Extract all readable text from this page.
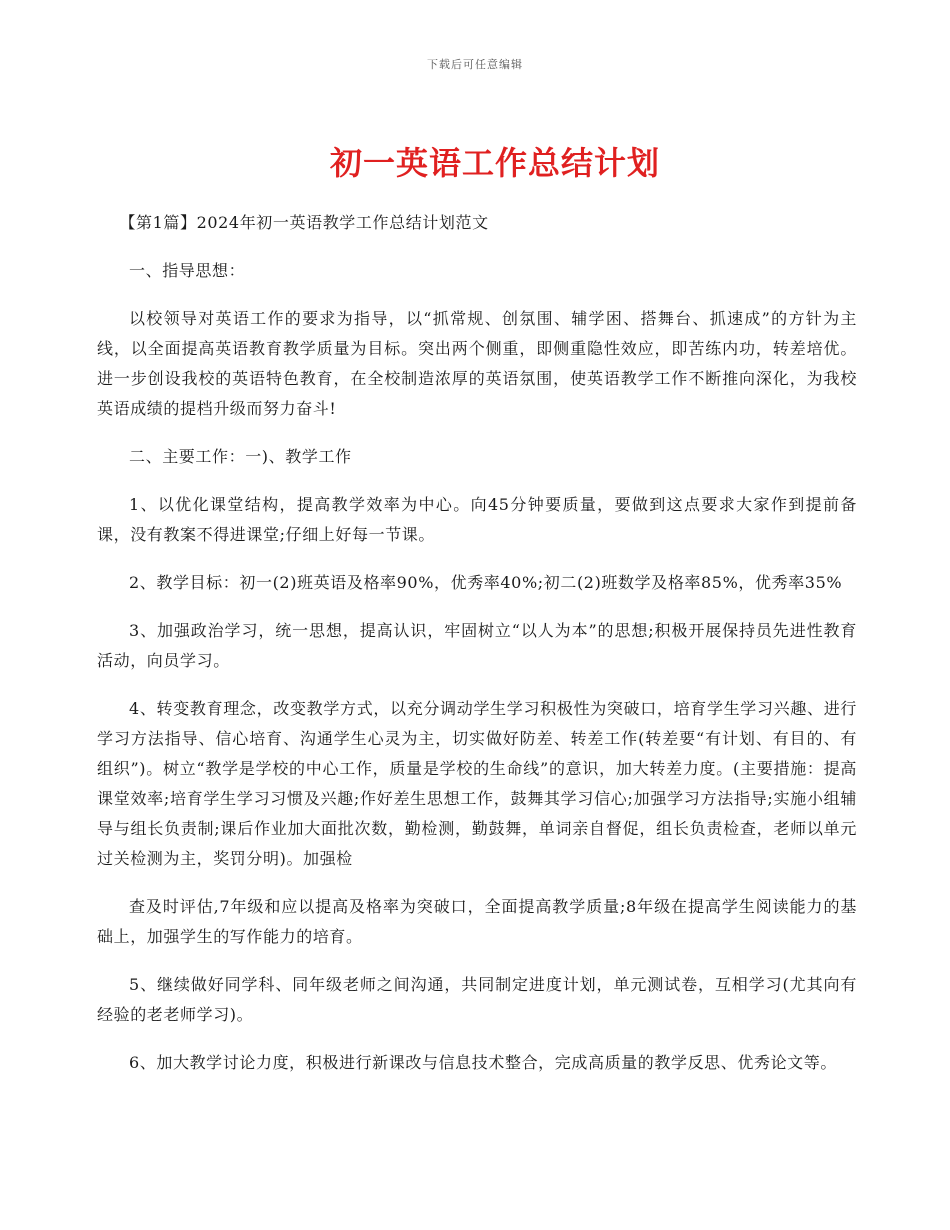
下载后可任意编辑
初一英语工作总结计划

【第1篇】2024年初一英语教学工作总结计划范文

一、指导思想：

以校领导对英语工作的要求为指导，以“抓常规、创氛围、辅学困、搭舞台、抓速成”的方针为主线，以全面提高英语教育教学质量为目标。突出两个侧重，即侧重隐性效应，即苦练内功，转差培优。进一步创设我校的英语特色教育，在全校制造浓厚的英语氛围，使英语教学工作不断推向深化，为我校英语成绩的提档升级而努力奋斗!

二、主要工作：一)、教学工作

1、以优化课堂结构，提高教学效率为中心。向45分钟要质量，要做到这点要求大家作到提前备课，没有教案不得进课堂;仔细上好每一节课。

2、教学目标：初一(2)班英语及格率90%，优秀率40%;初二(2)班数学及格率85%，优秀率35%

3、加强政治学习，统一思想，提高认识，牢固树立“以人为本”的思想;积极开展保持员先进性教育活动，向员学习。

4、转变教育理念，改变教学方式，以充分调动学生学习积极性为突破口，培育学生学习兴趣、进行学习方法指导、信心培育、沟通学生心灵为主，切实做好防差、转差工作(转差要“有计划、有目的、有组织”)。树立“教学是学校的中心工作，质量是学校的生命线”的意识，加大转差力度。(主要措施：提高课堂效率;培育学生学习习惯及兴趣;作好差生思想工作，鼓舞其学习信心;加强学习方法指导;实施小组辅导与组长负责制;课后作业加大面批次数，勤检测，勤鼓舞，单词亲自督促，组长负责检查，老师以单元过关检测为主，奖罚分明)。加强检

查及时评估,7年级和应以提高及格率为突破口，全面提高教学质量;8年级在提高学生阅读能力的基础上，加强学生的写作能力的培育。

5、继续做好同学科、同年级老师之间沟通，共同制定进度计划，单元测试卷，互相学习(尤其向有经验的老老师学习)。

6、加大教学讨论力度，积极进行新课改与信息技术整合，完成高质量的教学反思、优秀论文等。
